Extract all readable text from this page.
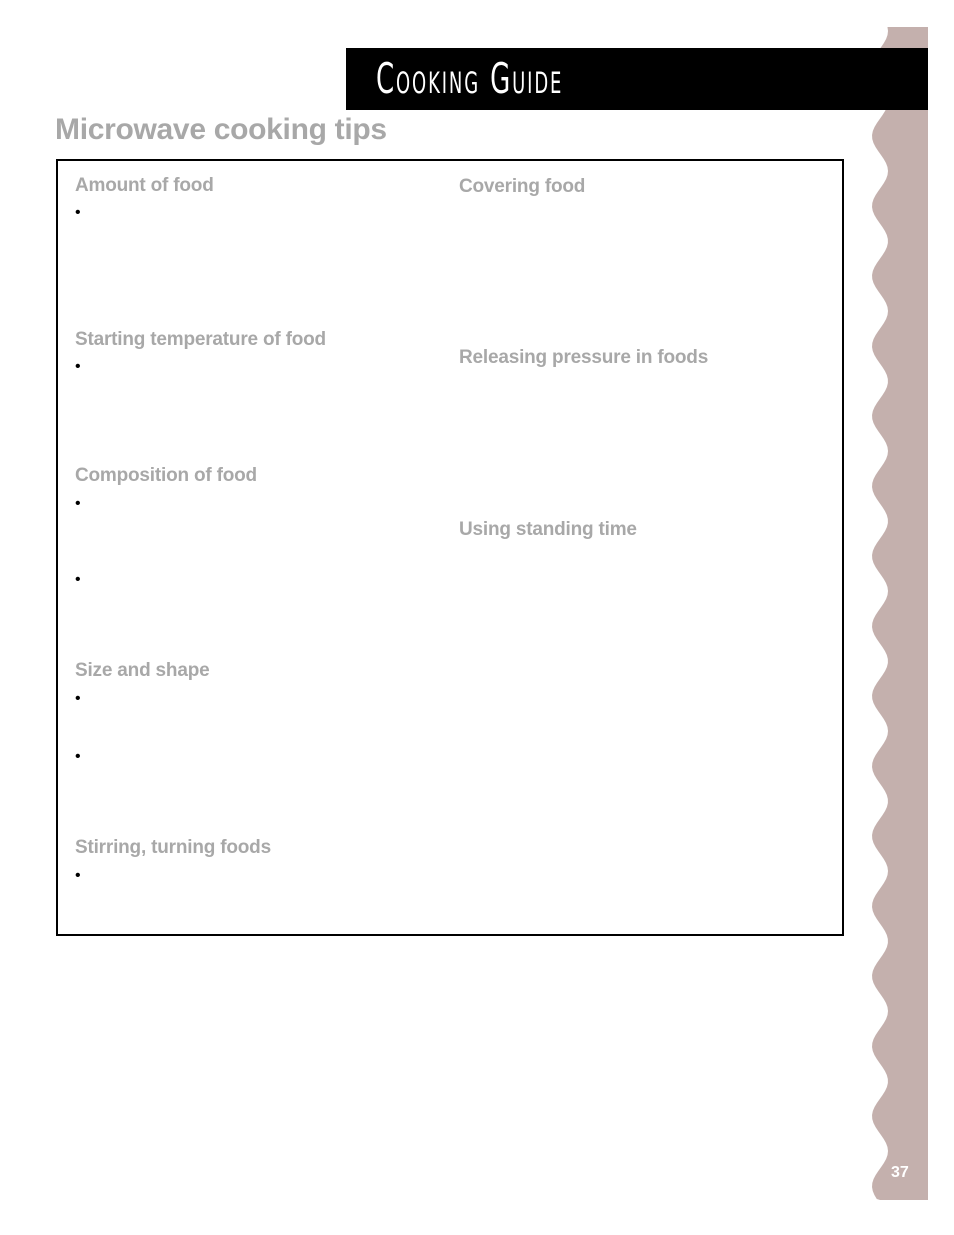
Cooking Guide
Microwave cooking tips
Amount of food
•
Starting temperature of food
•
Composition of food
•
•
Size and shape
•
•
Stirring, turning foods
•
Covering food
Releasing pressure in foods
Using standing time
37
